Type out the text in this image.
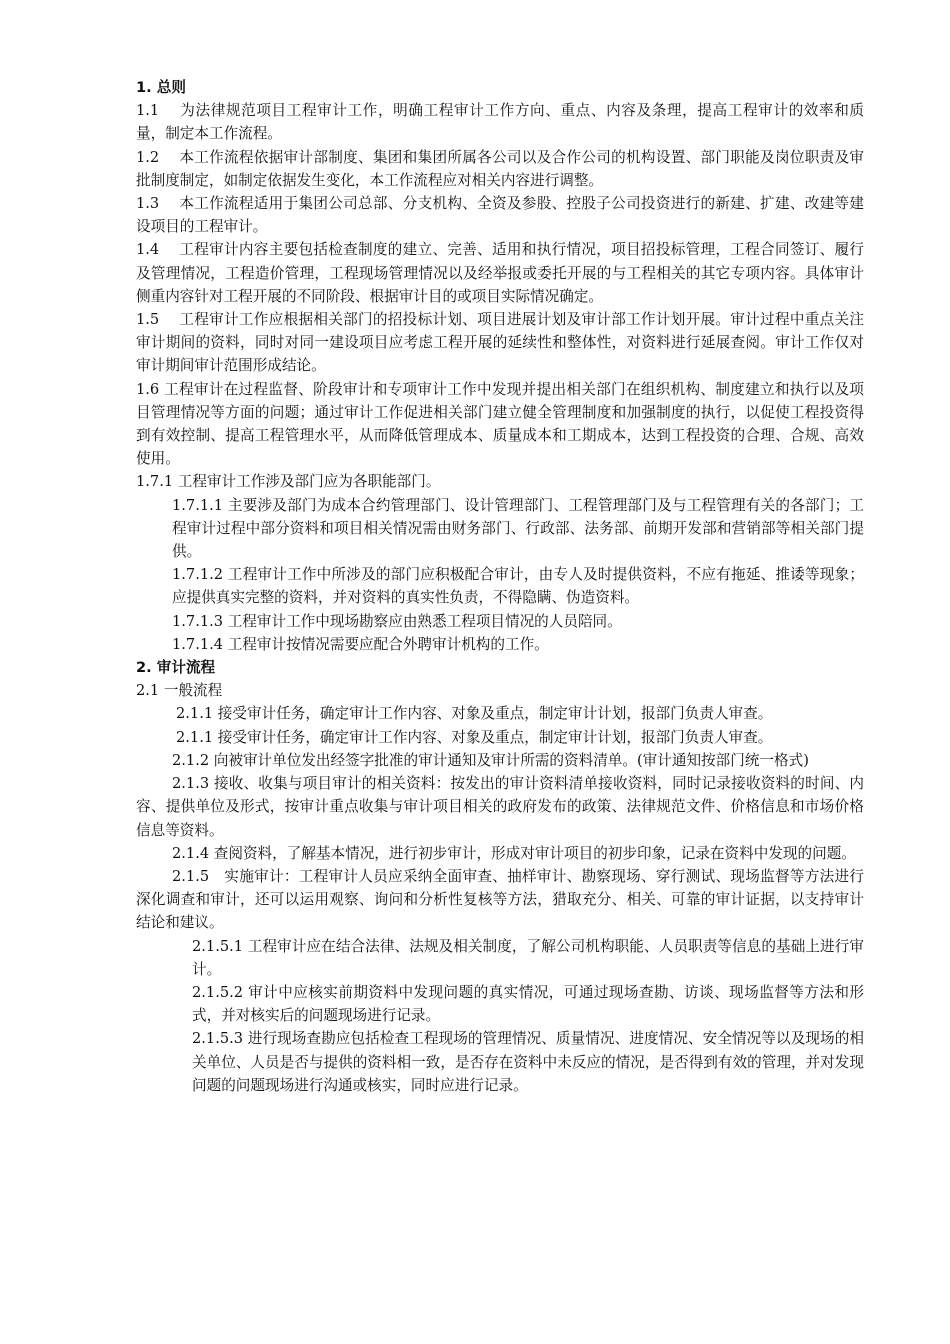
1. 总则

1.1　 为法律规范项目工程审计工作，明确工程审计工作方向、重点、内容及条理，提高工程审计的效率和质量，制定本工作流程。

1.2　 本工作流程依据审计部制度、集团和集团所属各公司以及合作公司的机构设置、部门职能及岗位职责及审批制度制定，如制定依据发生变化，本工作流程应对相关内容进行调整。

1.3　 本工作流程适用于集团公司总部、分支机构、全资及参股、控股子公司投资进行的新建、扩建、改建等建设项目的工程审计。

1.4　 工程审计内容主要包括检查制度的建立、完善、适用和执行情况，项目招投标管理，工程合同签订、履行及管理情况，工程造价管理，工程现场管理情况以及经举报或委托开展的与工程相关的其它专项内容。具体审计侧重内容针对工程开展的不同阶段、根据审计目的或项目实际情况确定。

1.5　 工程审计工作应根据相关部门的招投标计划、项目进展计划及审计部工作计划开展。审计过程中重点关注审计期间的资料，同时对同一建设项目应考虑工程开展的延续性和整体性，对资料进行延展查阅。审计工作仅对审计期间审计范围形成结论。

1.6 工程审计在过程监督、阶段审计和专项审计工作中发现并提出相关部门在组织机构、制度建立和执行以及项目管理情况等方面的问题；通过审计工作促进相关部门建立健全管理制度和加强制度的执行，以促使工程投资得到有效控制、提高工程管理水平，从而降低管理成本、质量成本和工期成本，达到工程投资的合理、合规、高效使用。

1.7.1 工程审计工作涉及部门应为各职能部门。

1.7.1.1 主要涉及部门为成本合约管理部门、设计管理部门、工程管理部门及与工程管理有关的各部门；工程审计过程中部分资料和项目相关情况需由财务部门、行政部、法务部、前期开发部和营销部等相关部门提供。

1.7.1.2 工程审计工作中所涉及的部门应积极配合审计，由专人及时提供资料，不应有拖延、推诿等现象；应提供真实完整的资料，并对资料的真实性负责，不得隐瞒、伪造资料。

1.7.1.3 工程审计工作中现场勘察应由熟悉工程项目情况的人员陪同。

1.7.1.4 工程审计按情况需要应配合外聘审计机构的工作。

2. 审计流程

2.1 一般流程

2.1.1 接受审计任务，确定审计工作内容、对象及重点，制定审计计划，报部门负责人审查。

2.1.1 接受审计任务，确定审计工作内容、对象及重点，制定审计计划，报部门负责人审查。

2.1.2 向被审计单位发出经签字批准的审计通知及审计所需的资料清单。(审计通知按部门统一格式)

2.1.3 接收、收集与项目审计的相关资料：按发出的审计资料清单接收资料，同时记录接收资料的时间、内容、提供单位及形式，按审计重点收集与审计项目相关的政府发布的政策、法律规范文件、价格信息和市场价格信息等资料。

2.1.4 查阅资料，了解基本情况，进行初步审计，形成对审计项目的初步印象，记录在资料中发现的问题。

2.1.5　实施审计：工程审计人员应采纳全面审查、抽样审计、勘察现场、穿行测试、现场监督等方法进行深化调查和审计，还可以运用观察、询问和分析性复核等方法，猎取充分、相关、可靠的审计证据，以支持审计结论和建议。

2.1.5.1 工程审计应在结合法律、法规及相关制度，了解公司机构职能、人员职责等信息的基础上进行审计。

2.1.5.2 审计中应核实前期资料中发现问题的真实情况，可通过现场查勘、访谈、现场监督等方法和形式，并对核实后的问题现场进行记录。

2.1.5.3 进行现场查勘应包括检查工程现场的管理情况、质量情况、进度情况、安全情况等以及现场的相关单位、人员是否与提供的资料相一致，是否存在资料中未反应的情况，是否得到有效的管理，并对发现问题的问题现场进行沟通或核实，同时应进行记录。
